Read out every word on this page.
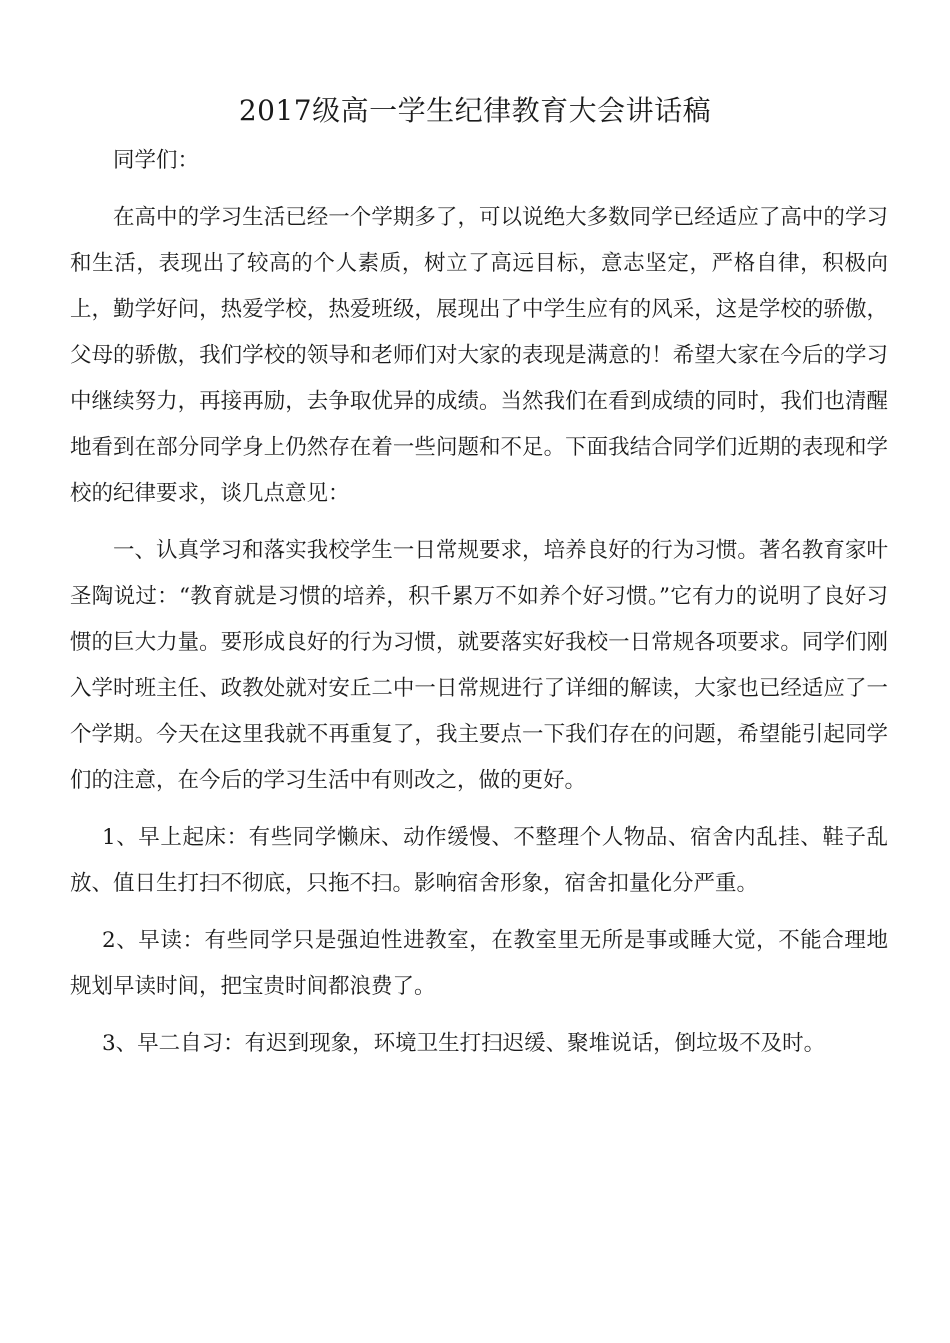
2017级高一学生纪律教育大会讲话稿

同学们：

在高中的学习生活已经一个学期多了，可以说绝大多数同学已经适应了高中的学习和生活，表现出了较高的个人素质，树立了高远目标，意志坚定，严格自律，积极向上，勤学好问，热爱学校，热爱班级，展现出了中学生应有的风采，这是学校的骄傲，父母的骄傲，我们学校的领导和老师们对大家的表现是满意的！希望大家在今后的学习中继续努力，再接再励，去争取优异的成绩。当然我们在看到成绩的同时，我们也清醒地看到在部分同学身上仍然存在着一些问题和不足。下面我结合同学们近期的表现和学校的纪律要求，谈几点意见：

一、认真学习和落实我校学生一日常规要求，培养良好的行为习惯。著名教育家叶圣陶说过：“教育就是习惯的培养，积千累万不如养个好习惯。”它有力的说明了良好习惯的巨大力量。要形成良好的行为习惯，就要落实好我校一日常规各项要求。同学们刚入学时班主任、政教处就对安丘二中一日常规进行了详细的解读，大家也已经适应了一个学期。今天在这里我就不再重复了，我主要点一下我们存在的问题，希望能引起同学们的注意，在今后的学习生活中有则改之，做的更好。

1、早上起床：有些同学懒床、动作缓慢、不整理个人物品、宿舍内乱挂、鞋子乱放、值日生打扫不彻底，只拖不扫。影响宿舍形象，宿舍扣量化分严重。

2、早读：有些同学只是强迫性进教室，在教室里无所是事或睡大觉，不能合理地规划早读时间，把宝贵时间都浪费了。

3、早二自习：有迟到现象，环境卫生打扫迟缓、聚堆说话，倒垃圾不及时。
